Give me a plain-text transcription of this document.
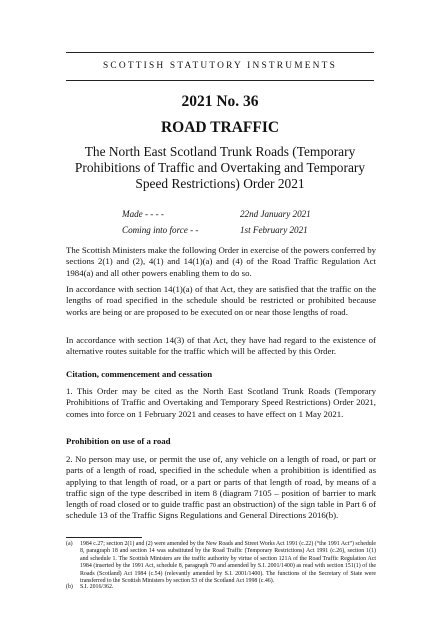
SCOTTISH STATUTORY INSTRUMENTS
2021 No. 36
ROAD TRAFFIC
The North East Scotland Trunk Roads (Temporary Prohibitions of Traffic and Overtaking and Temporary Speed Restrictions) Order 2021
Made - - - -	22nd January 2021
Coming into force - -	1st February 2021

The Scottish Ministers make the following Order in exercise of the powers conferred by sections 2(1) and (2), 4(1) and 14(1)(a) and (4) of the Road Traffic Regulation Act 1984(a) and all other powers enabling them to do so.

In accordance with section 14(1)(a) of that Act, they are satisfied that the traffic on the lengths of road specified in the schedule should be restricted or prohibited because works are being or are proposed to be executed on or near those lengths of road.

In accordance with section 14(3) of that Act, they have had regard to the existence of alternative routes suitable for the traffic which will be affected by this Order.

Citation, commencement and cessation

1. This Order may be cited as the North East Scotland Trunk Roads (Temporary Prohibitions of Traffic and Overtaking and Temporary Speed Restrictions) Order 2021, comes into force on 1 February 2021 and ceases to have effect on 1 May 2021.

Prohibition on use of a road

2. No person may use, or permit the use of, any vehicle on a length of road, or part or parts of a length of road, specified in the schedule when a prohibition is identified as applying to that length of road, or a part or parts of that length of road, by means of a traffic sign of the type described in item 8 (diagram 7105 – position of barrier to mark length of road closed or to guide traffic past an obstruction) of the sign table in Part 6 of schedule 13 of the Traffic Signs Regulations and General Directions 2016(b).

(a)	1984 c.27; section 2(1) and (2) were amended by the New Roads and Street Works Act 1991 (c.22) (“the 1991 Act”) schedule 8, paragraph 18 and section 14 was substituted by the Road Traffic (Temporary Restrictions) Act 1991 (c.26), section 1(1) and schedule 1. The Scottish Ministers are the traffic authority by virtue of section 121A of the Road Traffic Regulation Act 1984 (inserted by the 1991 Act, schedule 8, paragraph 70 and amended by S.I. 2001/1400) as read with section 151(1) of the Roads (Scotland) Act 1984 (c.54) (relevantly amended by S.I. 2001/1400). The functions of the Secretary of State were transferred to the Scottish Ministers by section 53 of the Scotland Act 1998 (c.46).
(b)	S.I. 2016/362.
